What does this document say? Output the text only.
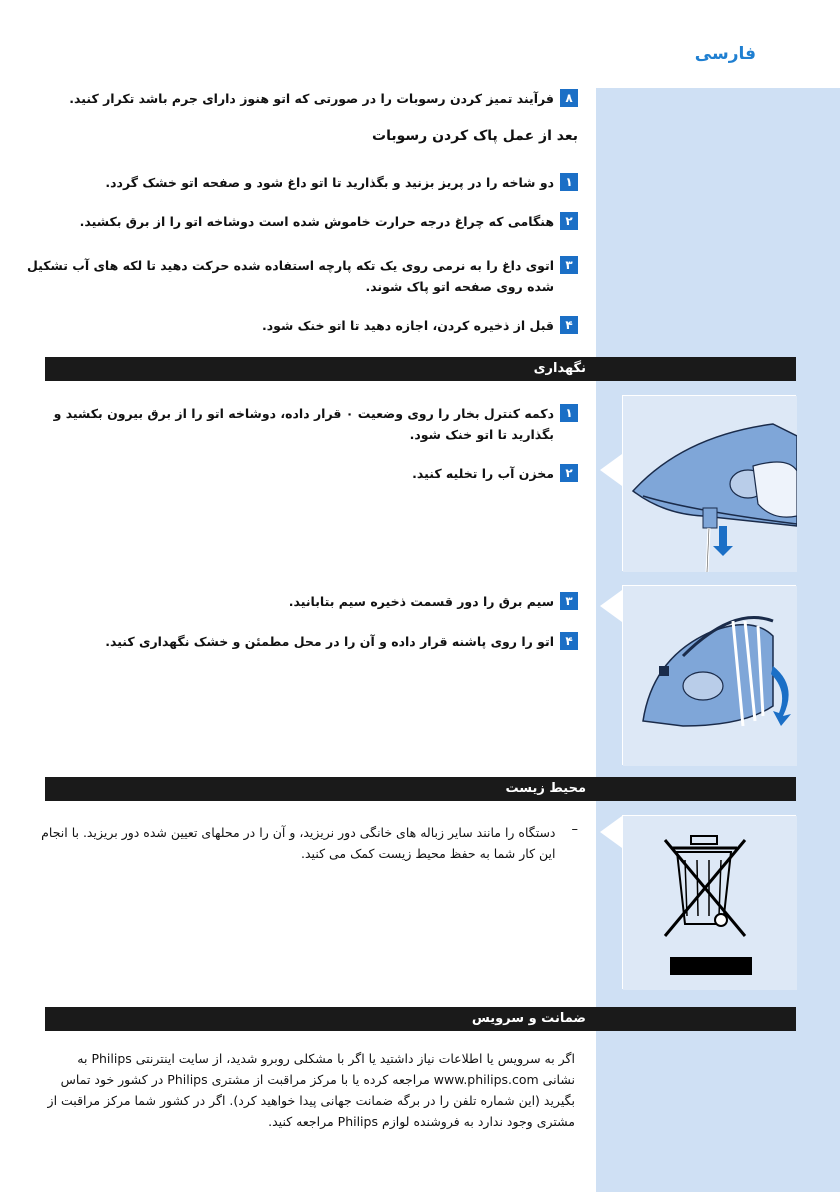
فارسی
۸
فرآیند تمیز کردن رسوبات را در صورتی که اتو هنوز دارای جرم باشد تکرار کنید.
بعد از عمل پاک کردن رسوبات
۱
دو شاخه را در پریز بزنید و بگذارید تا اتو داغ شود و صفحه اتو خشک گردد.
۲
هنگامی که چراغ درجه حرارت خاموش شده است دوشاخه اتو را از برق بکشید.
۳
اتوی داغ را به نرمی روی یک تکه پارچه استفاده شده حرکت دهید تا لکه های آب تشکیل شده روی صفحه اتو پاک شوند.
۴
قبل از ذخیره کردن، اجازه دهید تا اتو خنک شود.
نگهداری
۱
دکمه کنترل بخار را روی وضعیت ۰ قرار داده، دوشاخه اتو را از برق بیرون بکشید و بگذارید تا اتو خنک شود.
۲
مخزن آب را تخلیه کنید.
۳
سیم برق را دور قسمت ذخیره سیم بتابانید.
۴
اتو را روی پاشنه قرار داده و آن را در محل مطمئن و خشک نگهداری کنید.
محیط زیست
–
دستگاه را مانند سایر زباله های خانگی دور نریزید، و آن را در محلهای تعیین شده دور بریزید. با انجام این کار شما به حفظ محیط زیست کمک می کنید.
ضمانت و سرویس
اگر به سرویس یا اطلاعات نیاز داشتید یا اگر با مشکلی روبرو شدید، از سایت اینترنتی Philips به نشانی www.philips.com مراجعه کرده یا با مرکز مراقبت از مشتری Philips در کشور خود تماس بگیرید (این شماره تلفن را در برگه ضمانت جهانی پیدا خواهید کرد). اگر در کشور شما مرکز مراقبت از مشتری وجود ندارد به فروشنده لوازم Philips مراجعه کنید.
